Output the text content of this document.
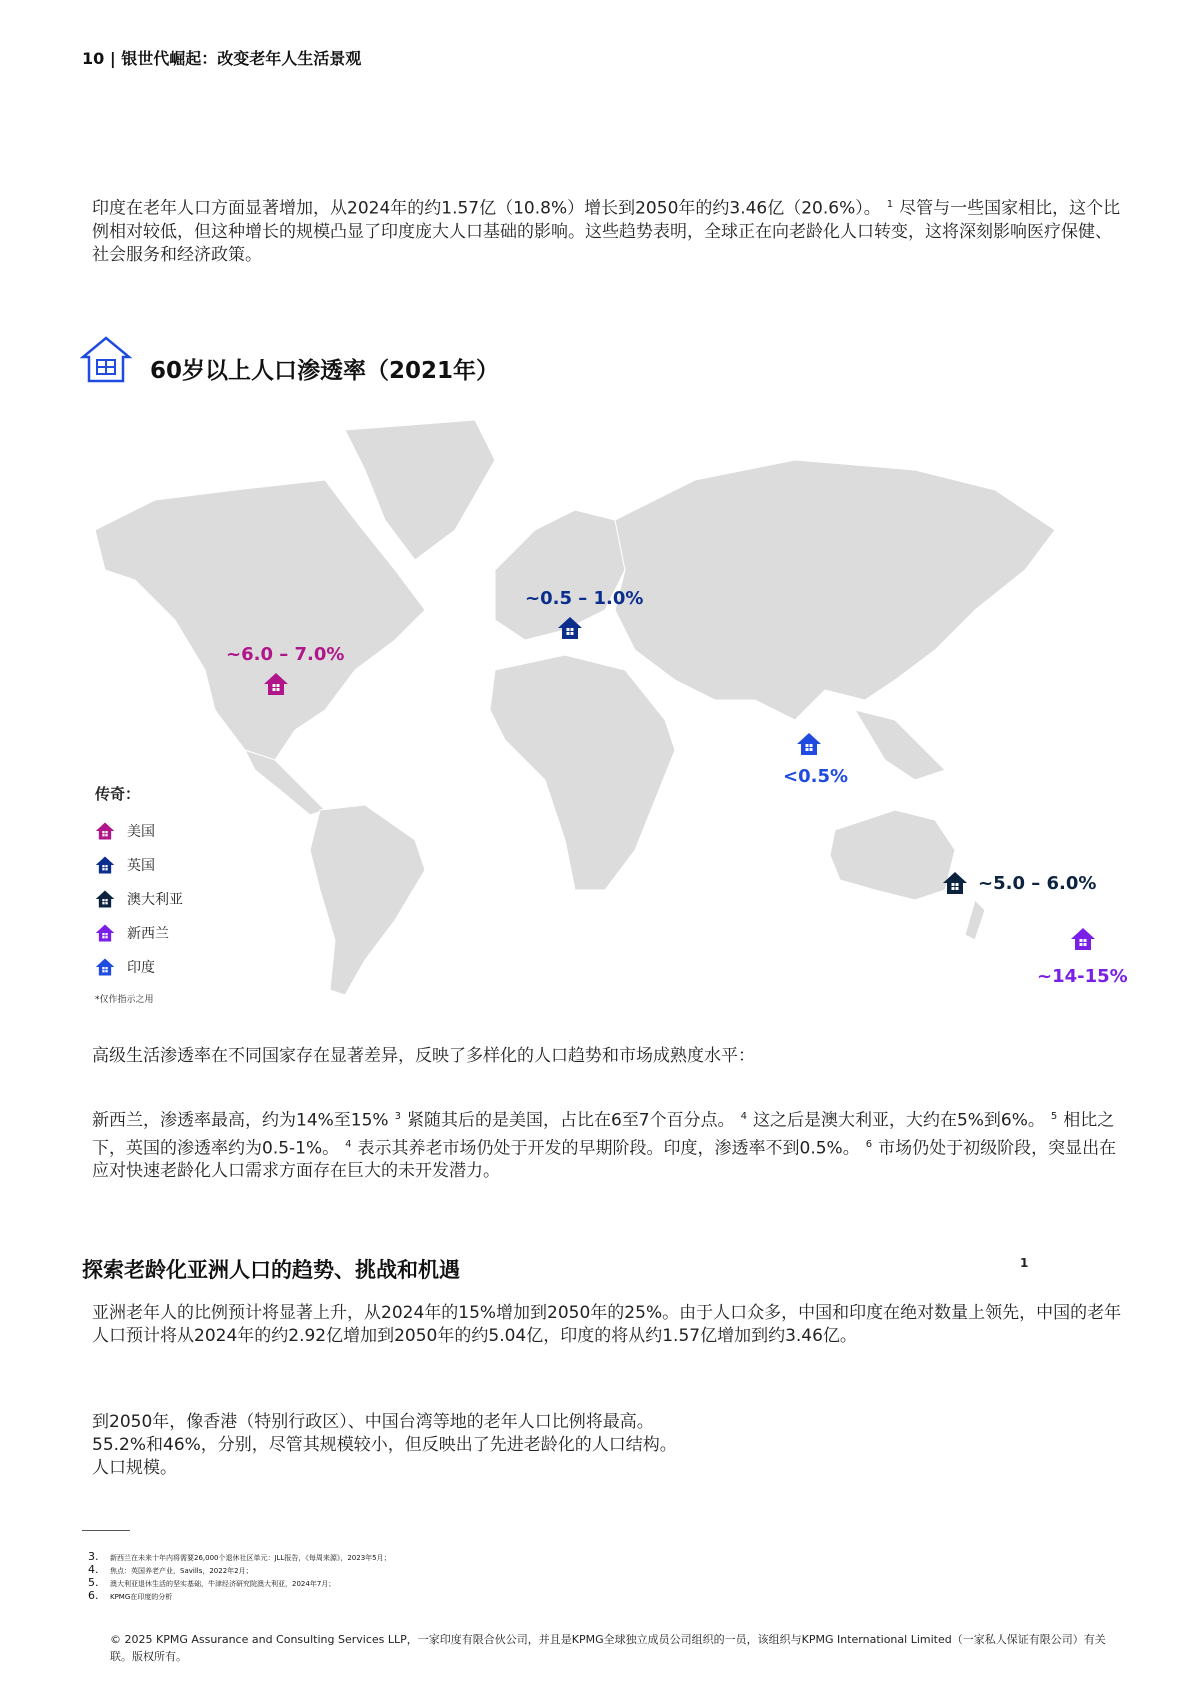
10 | 银世代崛起：改变老年人生活景观
印度在老年人口方面显著增加，从2024年的约1.57亿（10.8%）增长到2050年的约3.46亿（20.6%）。 $^1$ 尽管与一些国家相比，这个比例相对较低，但这种增长的规模凸显了印度庞大人口基础的影响。这些趋势表明，全球正在向老龄化人口转变，这将深刻影响医疗保健、社会服务和经济政策。
60岁以上人口渗透率（2021年）
~0.5 – 1.0%
~6.0 – 7.0%
<0.5%
~5.0 – 6.0%
~14-15%
传奇：
美国
英国
澳大利亚
新西兰
印度
*仅作指示之用
高级生活渗透率在不同国家存在显著差异，反映了多样化的人口趋势和市场成熟度水平：
新西兰，渗透率最高，约为14%至15% $^3$ 紧随其后的是美国，占比在6至7个百分点。 $^4$ 这之后是澳大利亚，大约在5%到6%。 $^5$ 相比之下，英国的渗透率约为0.5-1%。 $^4$ 表示其养老市场仍处于开发的早期阶段。印度，渗透率不到0.5%。 $^6$ 市场仍处于初级阶段，突显出在应对快速老龄化人口需求方面存在巨大的未开发潜力。
探索老龄化亚洲人口的趋势、挑战和机遇	1
亚洲老年人的比例预计将显著上升，从2024年的15%增加到2050年的25%。由于人口众多，中国和印度在绝对数量上领先，中国的老年人口预计将从2024年的约2.92亿增加到2050年的约5.04亿，印度的将从约1.57亿增加到约3.46亿。
到2050年，像香港（特别行政区）、中国台湾等地的老年人口比例将最高。
55.2%和46%，分别，尽管其规模较小，但反映出了先进老龄化的人口结构。
人口规模。
3.	新西兰在未来十年内将需要26,000个退休社区单元：JLL报告，《每周来源》，2023年5月；
4.	焦点：英国养老产业，Savills，2022年2月；
5.	澳大利亚退休生活的坚实基础，牛津经济研究院澳大利亚，2024年7月；
6.	KPMG在印度的分析
© 2025 KPMG Assurance and Consulting Services LLP，一家印度有限合伙公司，并且是KPMG全球独立成员公司组织的一员，该组织与KPMG International Limited（一家私人保证有限公司）有关联。版权所有。
